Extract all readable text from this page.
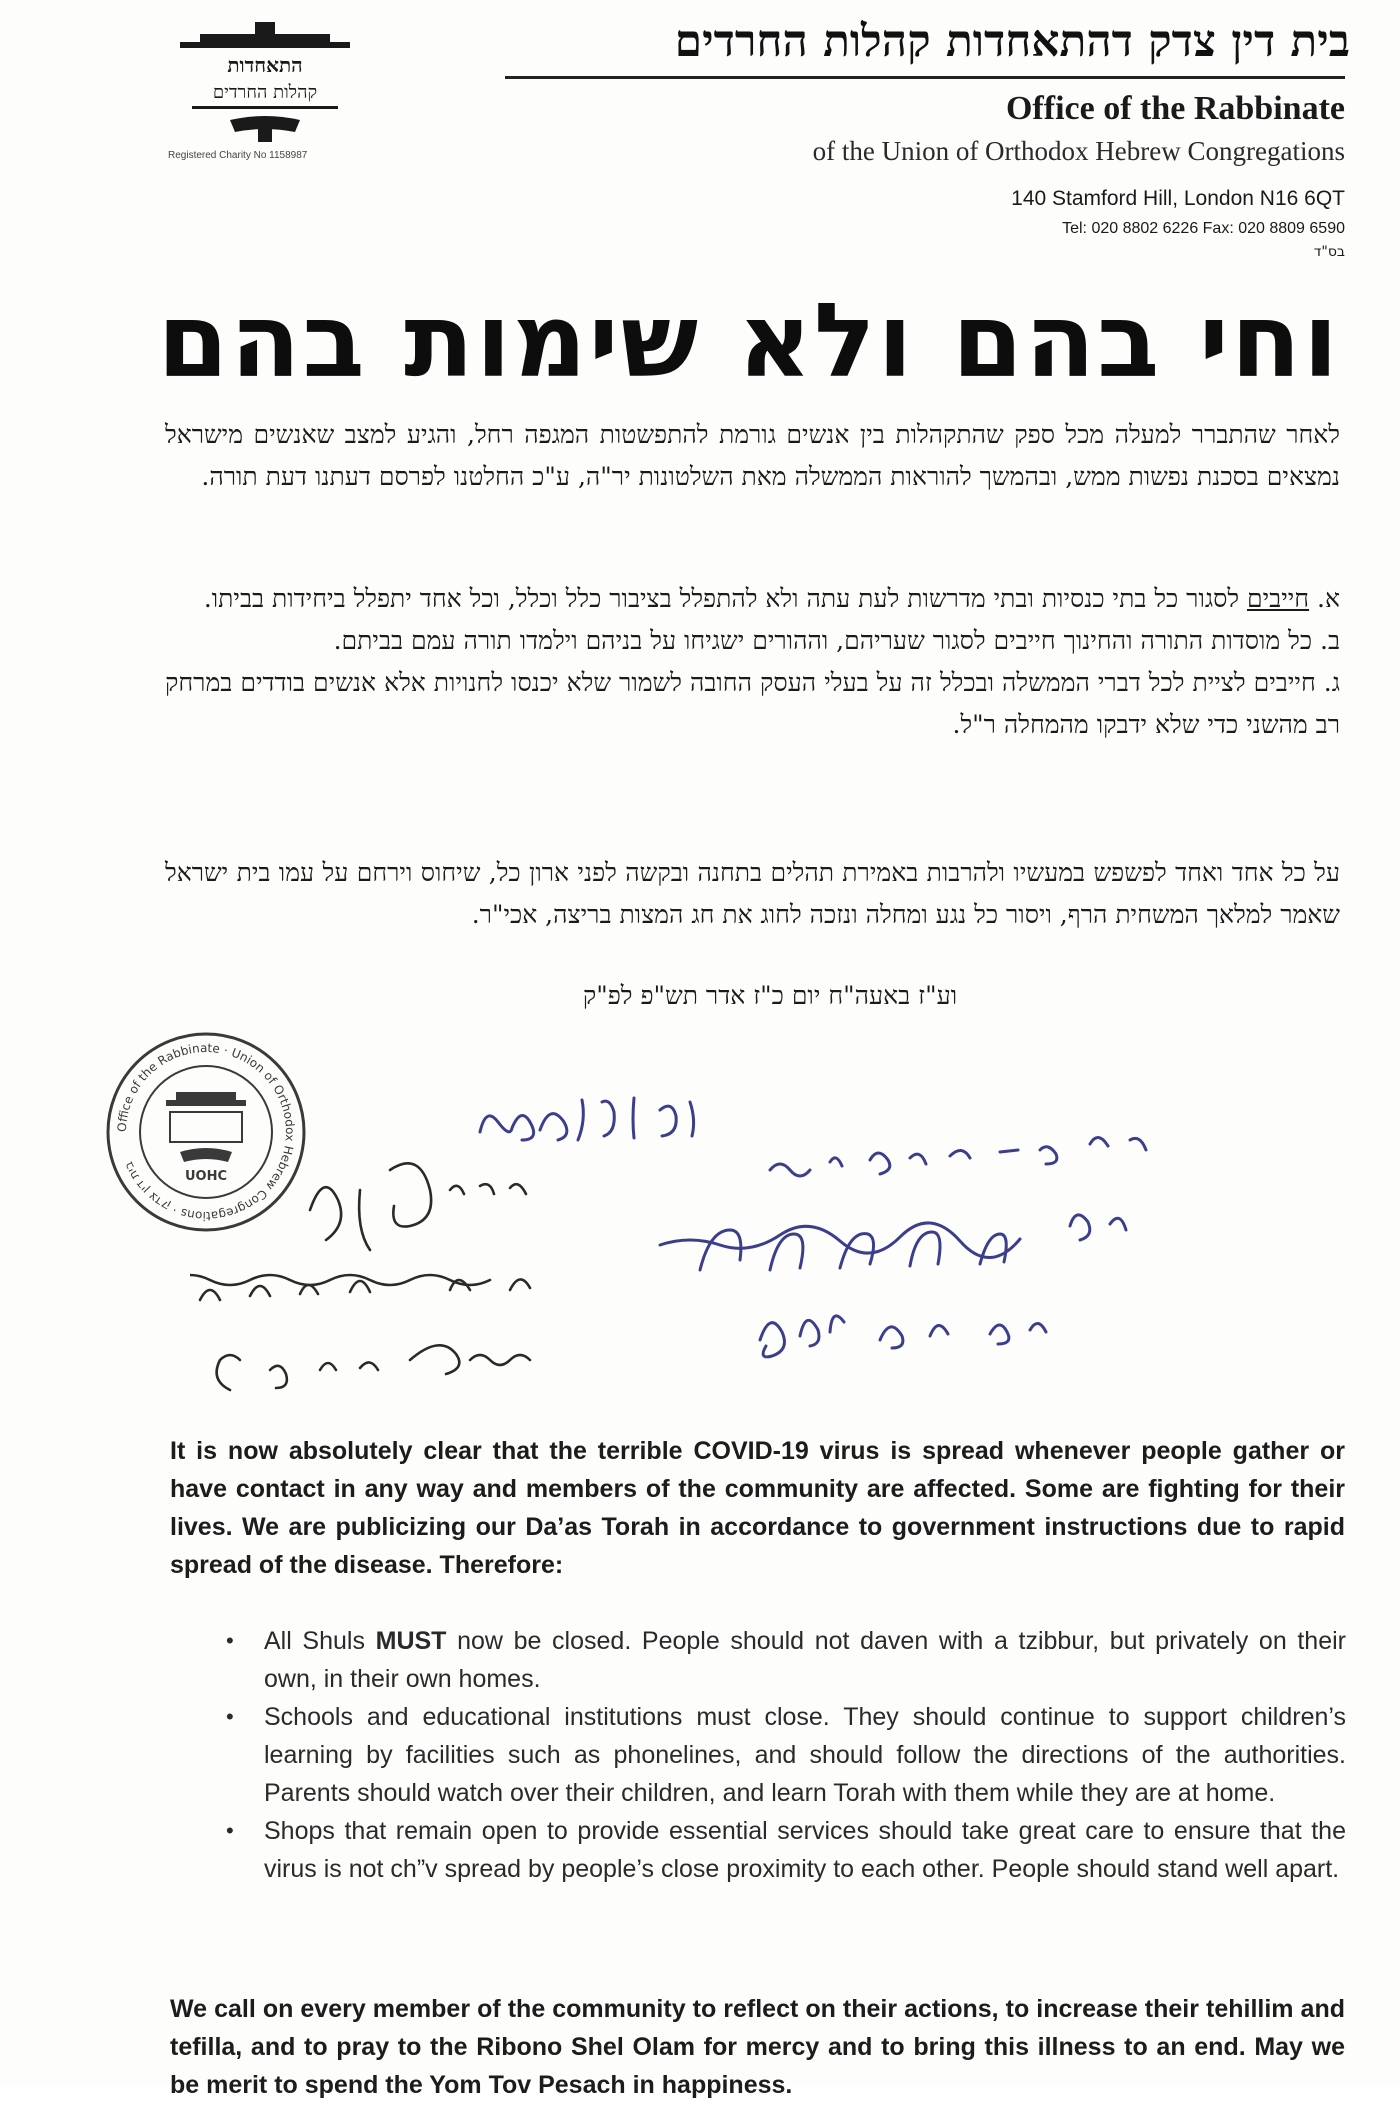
התאחדות
קהלות החרדים
Registered Charity No 1158987
בית דין צדק דהתאחדות קהלות החרדים
Office of the Rabbinate
of the Union of Orthodox Hebrew Congregations
140 Stamford Hill, London N16 6QT
Tel: 020 8802 6226 Fax: 020 8809 6590
בס"ד
וחי בהם ולא שימות בהם
לאחר שהתברר למעלה מכל ספק שהתקהלות בין אנשים גורמת להתפשטות המגפה רחל, והגיע למצב שאנשים מישראל נמצאים בסכנת נפשות ממש, ובהמשך להוראות הממשלה מאת השלטונות יר"ה, ע"כ החלטנו לפרסם דעתנו דעת תורה.

א. חייבים לסגור כל בתי כנסיות ובתי מדרשות לעת עתה ולא להתפלל בציבור כלל וכלל, וכל אחד יתפלל ביחידות בביתו.

ב. כל מוסדות התורה והחינוך חייבים לסגור שעריהם, וההורים ישגיחו על בניהם וילמדו תורה עמם בביתם.

ג. חייבים לציית לכל דברי הממשלה ובכלל זה על בעלי העסק החובה לשמור שלא יכנסו לחנויות אלא אנשים בודדים במרחק רב מהשני כדי שלא ידבקו מהמחלה ר"ל.

על כל אחד ואחד לפשפש במעשיו ולהרבות באמירת תהלים בתחנה ובקשה לפני ארון כל, שיחוס וירחם על עמו בית ישראל שאמר למלאך המשחית הרף, ויסור כל נגע ומחלה ונזכה לחוג את חג המצות בריצה, אכי"ר.
וע"ז באעה"ח יום כ"ז אדר תש"פ לפ"ק
Office of the Rabbinate · Union of Orthodox Hebrew Congregations · בית דין צדק
UOHC
It is now absolutely clear that the terrible COVID-19 virus is spread whenever people gather or have contact in any way and members of the community are affected. Some are fighting for their lives. We are publicizing our Da’as Torah in accordance to government instructions due to rapid spread of the disease. Therefore:
• All Shuls MUST now be closed. People should not daven with a tzibbur, but privately on their own, in their own homes.
• Schools and educational institutions must close. They should continue to support children’s learning by facilities such as phonelines, and should follow the directions of the authorities. Parents should watch over their children, and learn Torah with them while they are at home.
• Shops that remain open to provide essential services should take great care to ensure that the virus is not ch”v spread by people’s close proximity to each other. People should stand well apart.
We call on every member of the community to reflect on their actions, to increase their tehillim and tefilla, and to pray to the Ribono Shel Olam for mercy and to bring this illness to an end. May we be merit to spend the Yom Tov Pesach in happiness.
